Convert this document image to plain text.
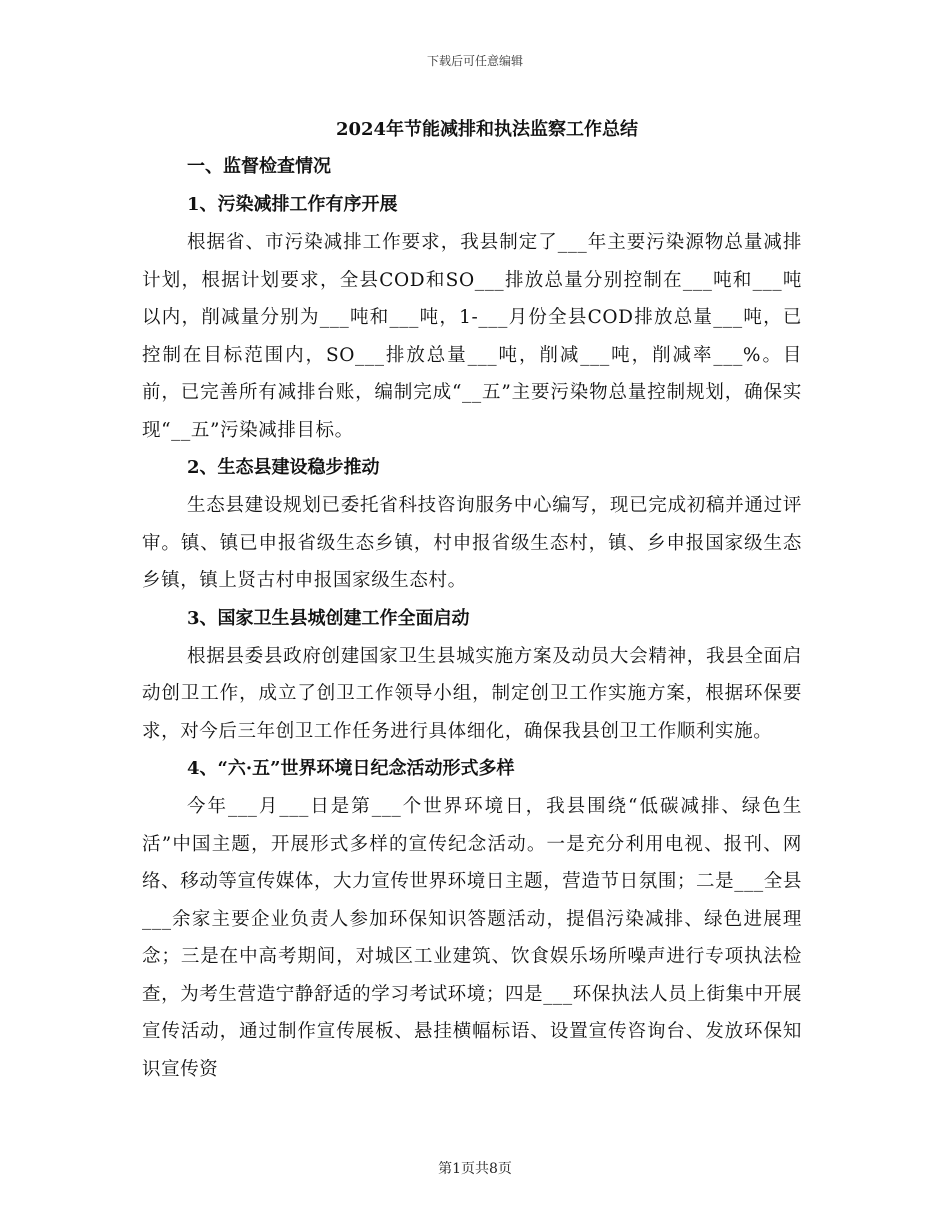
下载后可任意编辑

2024年节能减排和执法监察工作总结

一、监督检查情况

1、污染减排工作有序开展

根据省、市污染减排工作要求，我县制定了___年主要污染源物总量减排计划，根据计划要求，全县COD和SO___排放总量分别控制在___吨和___吨以内，削减量分别为___吨和___吨，1-___月份全县COD排放总量___吨，已控制在目标范围内，SO___排放总量___吨，削减___吨，削减率___%。目前，已完善所有减排台账，编制完成“__五”主要污染物总量控制规划，确保实现“__五”污染减排目标。

2、生态县建设稳步推动

生态县建设规划已委托省科技咨询服务中心编写，现已完成初稿并通过评审。镇、镇已申报省级生态乡镇，村申报省级生态村，镇、乡申报国家级生态乡镇，镇上贤古村申报国家级生态村。

3、国家卫生县城创建工作全面启动

根据县委县政府创建国家卫生县城实施方案及动员大会精神，我县全面启动创卫工作，成立了创卫工作领导小组，制定创卫工作实施方案，根据环保要求，对今后三年创卫工作任务进行具体细化，确保我县创卫工作顺利实施。

4、“六·五”世界环境日纪念活动形式多样

今年___月___日是第___个世界环境日，我县围绕“低碳减排、绿色生活”中国主题，开展形式多样的宣传纪念活动。一是充分利用电视、报刊、网络、移动等宣传媒体，大力宣传世界环境日主题，营造节日氛围；二是___全县___余家主要企业负责人参加环保知识答题活动，提倡污染减排、绿色进展理念；三是在中高考期间，对城区工业建筑、饮食娱乐场所噪声进行专项执法检查，为考生营造宁静舒适的学习考试环境；四是___环保执法人员上街集中开展宣传活动，通过制作宣传展板、悬挂横幅标语、设置宣传咨询台、发放环保知识宣传资

第1页共8页
